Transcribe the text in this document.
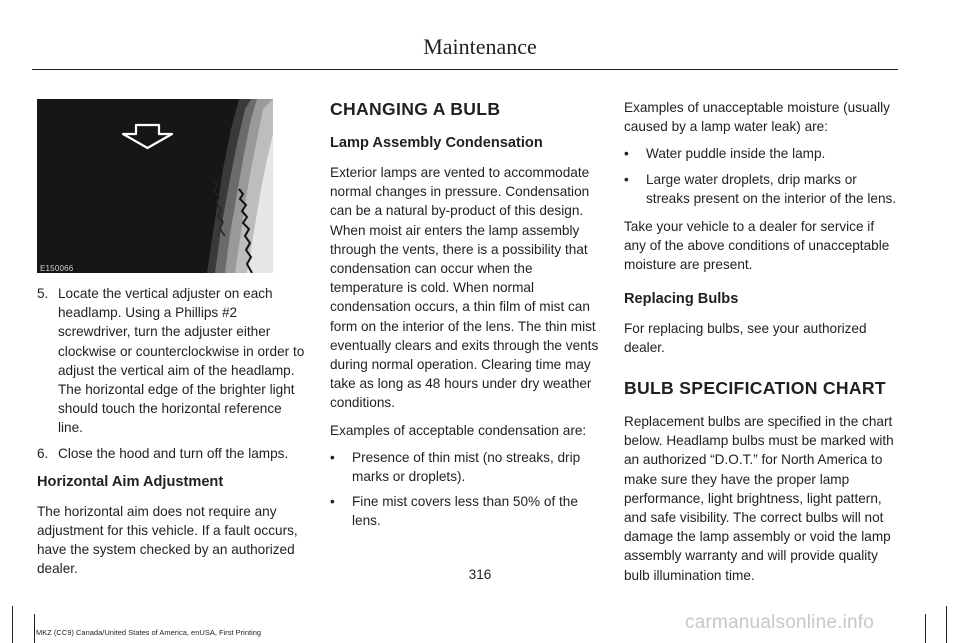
Maintenance
E150066
5. Locate the vertical adjuster on each headlamp. Using a Phillips #2 screwdriver, turn the adjuster either clockwise or counterclockwise in order to adjust the vertical aim of the headlamp. The horizontal edge of the brighter light should touch the horizontal reference line.
6. Close the hood and turn off the lamps.
Horizontal Aim Adjustment

The horizontal aim does not require any adjustment for this vehicle. If a fault occurs, have the system checked by an authorized dealer.

CHANGING A BULB
Lamp Assembly Condensation

Exterior lamps are vented to accommodate normal changes in pressure. Condensation can be a natural by-product of this design. When moist air enters the lamp assembly through the vents, there is a possibility that condensation can occur when the temperature is cold. When normal condensation occurs, a thin film of mist can form on the interior of the lens. The thin mist eventually clears and exits through the vents during normal operation. Clearing time may take as long as 48 hours under dry weather conditions.

Examples of acceptable condensation are:

•	Presence of thin mist (no streaks, drip marks or droplets).
•	Fine mist covers less than 50% of the lens.

Examples of unacceptable moisture (usually caused by a lamp water leak) are:

•	Water puddle inside the lamp.
•	Large water droplets, drip marks or streaks present on the interior of the lens.

Take your vehicle to a dealer for service if any of the above conditions of unacceptable moisture are present.

Replacing Bulbs

For replacing bulbs, see your authorized dealer.

BULB SPECIFICATION CHART

Replacement bulbs are specified in the chart below. Headlamp bulbs must be marked with an authorized “D.O.T.” for North America to make sure they have the proper lamp performance, light brightness, light pattern, and safe visibility. The correct bulbs will not damage the lamp assembly or void the lamp assembly warranty and will provide quality bulb illumination time.

316
MKZ (CC9) Canada/United States of America, enUSA, First Printing	carmanualsonline.info
